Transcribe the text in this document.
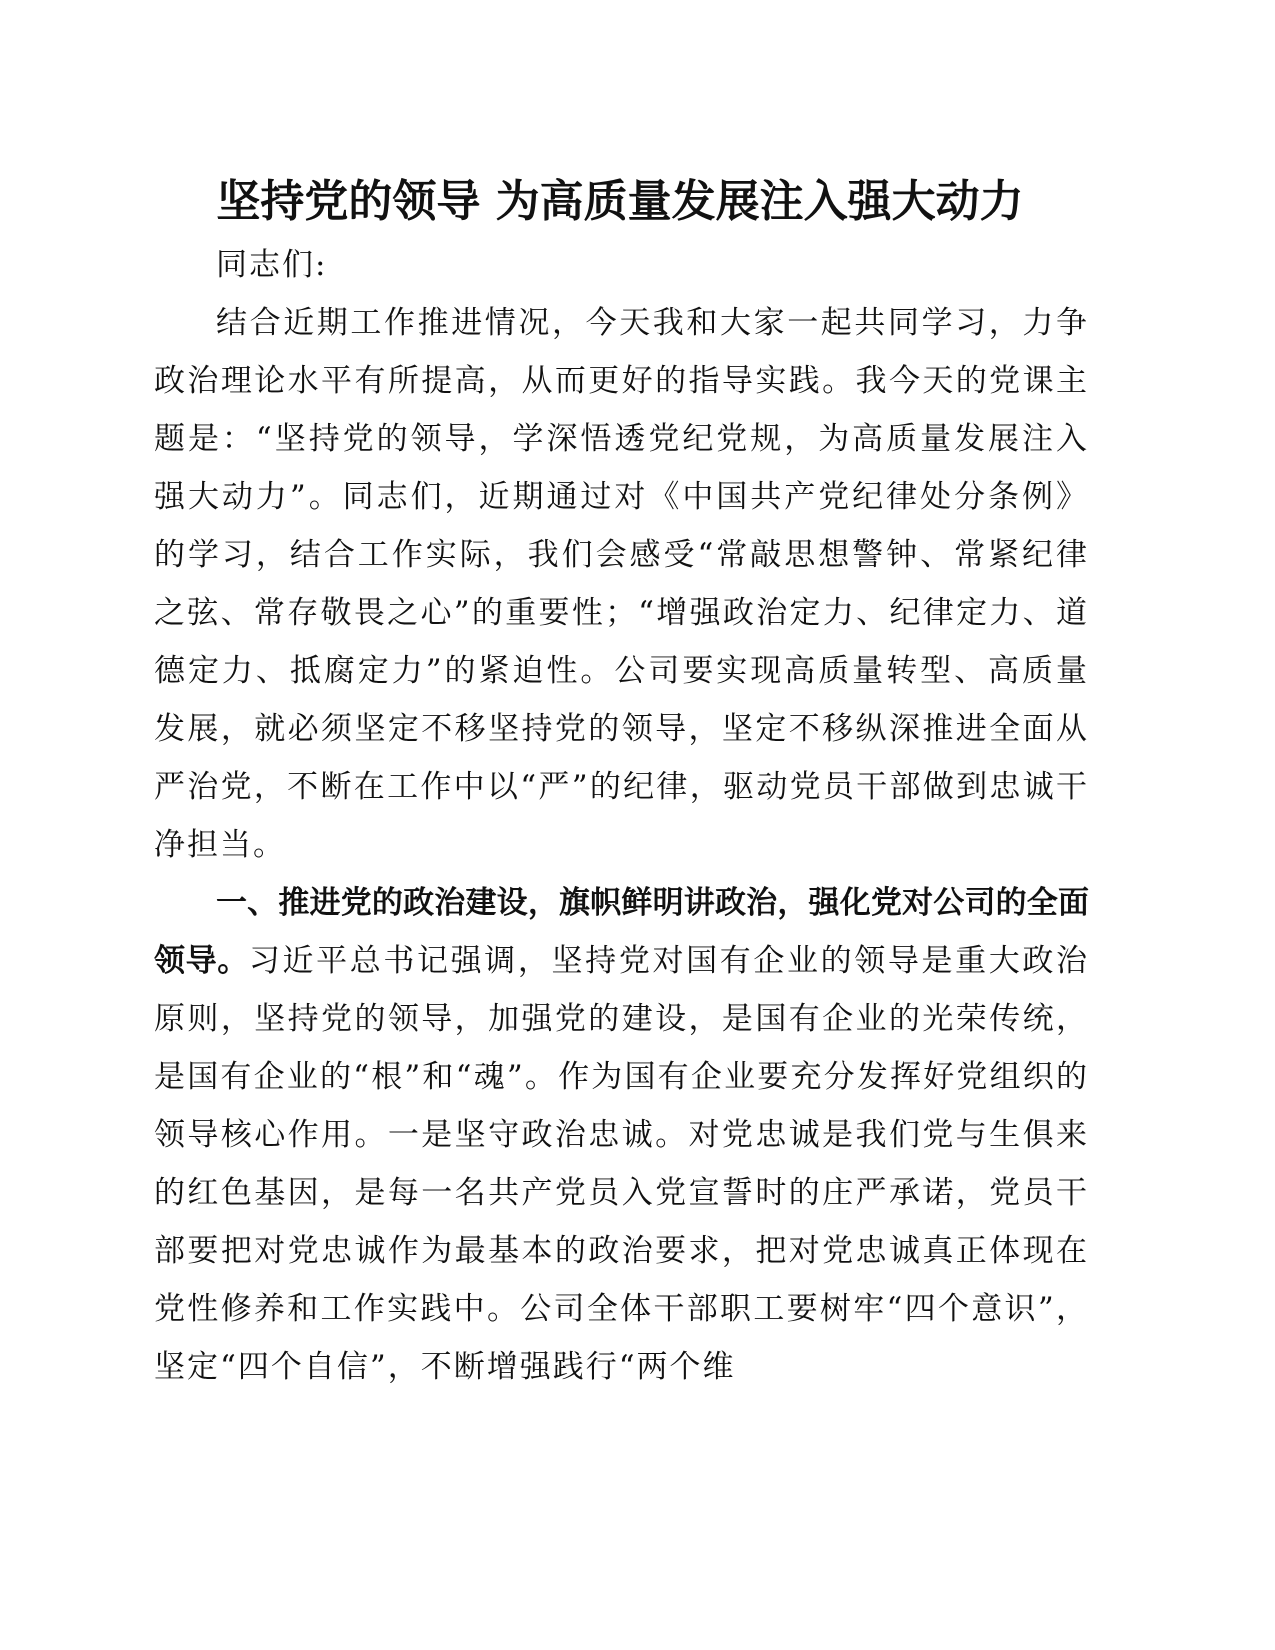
坚持党的领导 为高质量发展注入强大动力

同志们:

结合近期工作推进情况，今天我和大家一起共同学习，力争政治理论水平有所提高，从而更好的指导实践。我今天的党课主题是：“坚持党的领导，学深悟透党纪党规，为高质量发展注入强大动力”。同志们，近期通过对《中国共产党纪律处分条例》的学习，结合工作实际，我们会感受“常敲思想警钟、常紧纪律之弦、常存敬畏之心”的重要性；“增强政治定力、纪律定力、道德定力、抵腐定力”的紧迫性。公司要实现高质量转型、高质量发展，就必须坚定不移坚持党的领导，坚定不移纵深推进全面从严治党，不断在工作中以“严”的纪律，驱动党员干部做到忠诚干净担当。

一、推进党的政治建设，旗帜鲜明讲政治，强化党对公司的全面领导。习近平总书记强调，坚持党对国有企业的领导是重大政治原则，坚持党的领导，加强党的建设，是国有企业的光荣传统，是国有企业的“根”和“魂”。作为国有企业要充分发挥好党组织的领导核心作用。一是坚守政治忠诚。对党忠诚是我们党与生俱来的红色基因，是每一名共产党员入党宣誓时的庄严承诺，党员干部要把对党忠诚作为最基本的政治要求，把对党忠诚真正体现在党性修养和工作实践中。公司全体干部职工要树牢“四个意识”，坚定“四个自信”，不断增强践行“两个维
